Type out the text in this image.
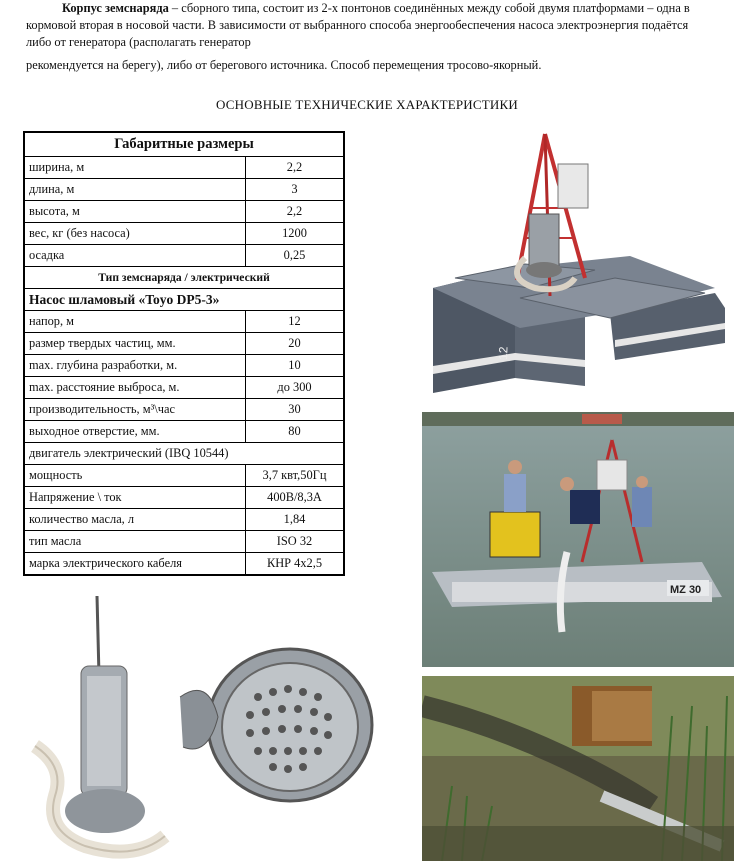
Корпус земснаряда – сборного типа, состоит из 2-х понтонов соединённых между собой двумя платформами – одна в кормовой вторая в носовой части. В зависимости от выбранного способа энергообеспечения насоса электроэнергия подаётся либо от генератора (располагать генератор

рекомендуется на берегу), либо от берегового источника. Способ перемещения тросово-якорный.

ОСНОВНЫЕ ТЕХНИЧЕСКИЕ ХАРАКТЕРИСТИКИ
Габаритные размеры	
ширина, м	2,2
длина, м	3
высота, м	2,2
вес, кг (без насоса)	1200
осадка	0,25
Тип земснаряда / электрический	
Насос шламовый «Toyo DP5-3»	
напор, м	12
размер твердых частиц, мм.	20
max. глубина разработки, м.	10
max. расстояние выброса, м.	до 300
производительность, м³\час	30
выходное отверстие, мм.	80
двигатель электрический (IBQ 10544)	
мощность	3,7 квт,50Гц
Напряжение \ ток	400В/8,3А
количество масла, л	1,84
тип масла	ISO 32
марка электрического кабеля	КНР 4х2,5
12
MZ 30
